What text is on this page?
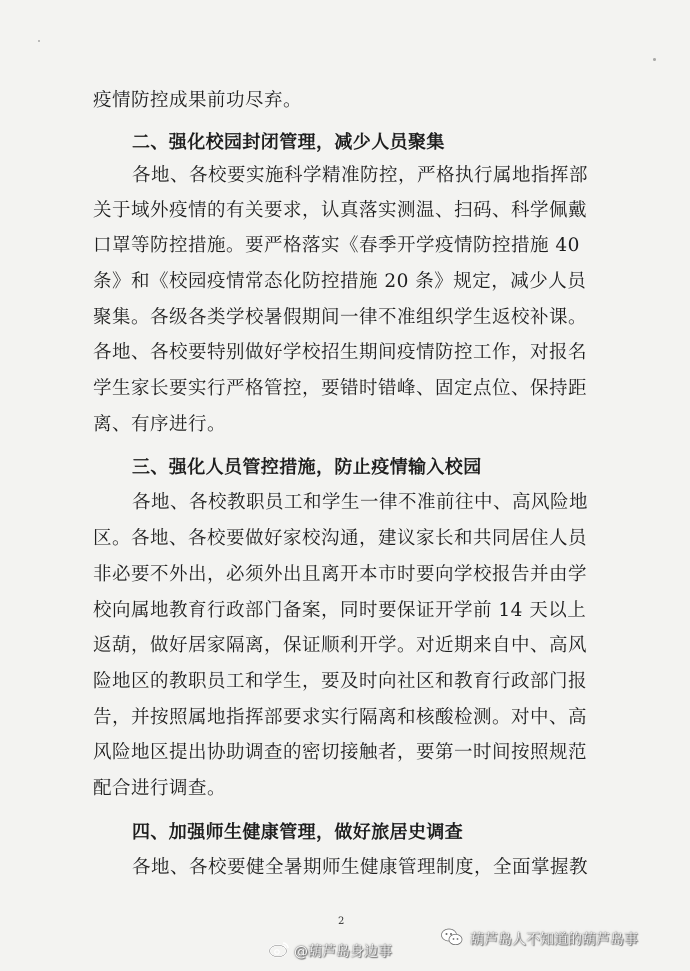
疫情防控成果前功尽弃。
二、强化校园封闭管理，减少人员聚集
各地、各校要实施科学精准防控，严格执行属地指挥部
关于域外疫情的有关要求，认真落实测温、扫码、科学佩戴
口罩等防控措施。要严格落实《春季开学疫情防控措施 40
条》和《校园疫情常态化防控措施 20 条》规定，减少人员
聚集。各级各类学校暑假期间一律不准组织学生返校补课。
各地、各校要特别做好学校招生期间疫情防控工作，对报名
学生家长要实行严格管控，要错时错峰、固定点位、保持距
离、有序进行。
三、强化人员管控措施，防止疫情输入校园
各地、各校教职员工和学生一律不准前往中、高风险地
区。各地、各校要做好家校沟通，建议家长和共同居住人员
非必要不外出，必须外出且离开本市时要向学校报告并由学
校向属地教育行政部门备案，同时要保证开学前 14 天以上
返葫，做好居家隔离，保证顺利开学。对近期来自中、高风
险地区的教职员工和学生，要及时向社区和教育行政部门报
告，并按照属地指挥部要求实行隔离和核酸检测。对中、高
风险地区提出协助调查的密切接触者，要第一时间按照规范
配合进行调查。
四、加强师生健康管理，做好旅居史调查
各地、各校要健全暑期师生健康管理制度，全面掌握教
2
@葫芦岛身边事
葫芦岛人不知道的葫芦岛事
